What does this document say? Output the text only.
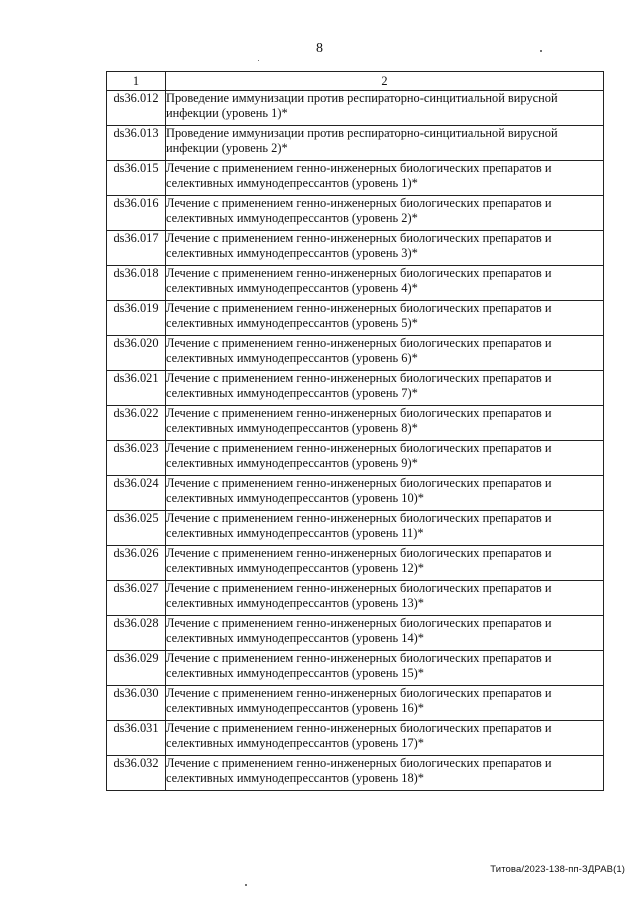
8
1	2
ds36.012	Проведение иммунизации против респираторно-синцитиальной вирусной
инфекции (уровень 1)*

ds36.013	Проведение иммунизации против респираторно-синцитиальной вирусной
инфекции (уровень 2)*

ds36.015	Лечение с применением генно-инженерных биологических препаратов и
селективных иммунодепрессантов (уровень 1)*

ds36.016	Лечение с применением генно-инженерных биологических препаратов и
селективных иммунодепрессантов (уровень 2)*

ds36.017	Лечение с применением генно-инженерных биологических препаратов и
селективных иммунодепрессантов (уровень 3)*

ds36.018	Лечение с применением генно-инженерных биологических препаратов и
селективных иммунодепрессантов (уровень 4)*

ds36.019	Лечение с применением генно-инженерных биологических препаратов и
селективных иммунодепрессантов (уровень 5)*

ds36.020	Лечение с применением генно-инженерных биологических препаратов и
селективных иммунодепрессантов (уровень 6)*

ds36.021	Лечение с применением генно-инженерных биологических препаратов и
селективных иммунодепрессантов (уровень 7)*

ds36.022	Лечение с применением генно-инженерных биологических препаратов и
селективных иммунодепрессантов (уровень 8)*

ds36.023	Лечение с применением генно-инженерных биологических препаратов и
селективных иммунодепрессантов (уровень 9)*

ds36.024	Лечение с применением генно-инженерных биологических препаратов и
селективных иммунодепрессантов (уровень 10)*

ds36.025	Лечение с применением генно-инженерных биологических препаратов и
селективных иммунодепрессантов (уровень 11)*

ds36.026	Лечение с применением генно-инженерных биологических препаратов и
селективных иммунодепрессантов (уровень 12)*

ds36.027	Лечение с применением генно-инженерных биологических препаратов и
селективных иммунодепрессантов (уровень 13)*

ds36.028	Лечение с применением генно-инженерных биологических препаратов и
селективных иммунодепрессантов (уровень 14)*

ds36.029	Лечение с применением генно-инженерных биологических препаратов и
селективных иммунодепрессантов (уровень 15)*

ds36.030	Лечение с применением генно-инженерных биологических препаратов и
селективных иммунодепрессантов (уровень 16)*

ds36.031	Лечение с применением генно-инженерных биологических препаратов и
селективных иммунодепрессантов (уровень 17)*

ds36.032	Лечение с применением генно-инженерных биологических препаратов и
селективных иммунодепрессантов (уровень 18)*
Титова/2023-138-пп-ЗДРАВ(1)
